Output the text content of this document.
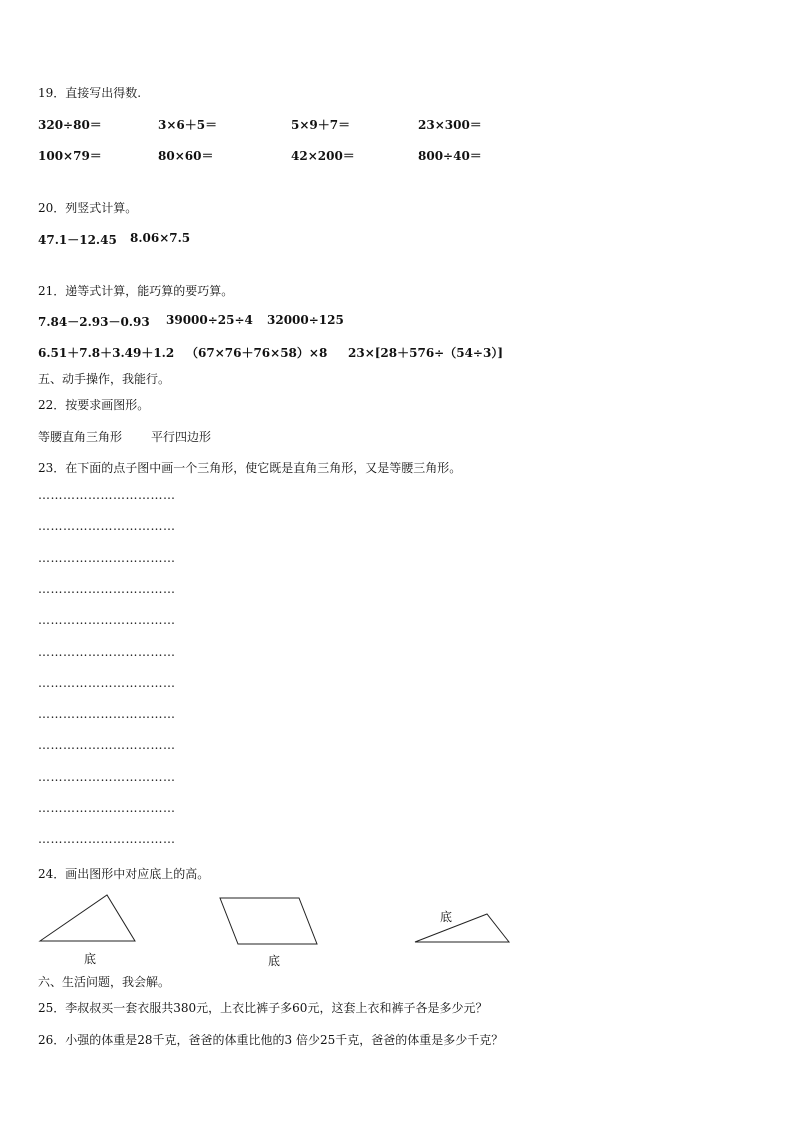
19．直接写出得数.
320÷80＝	3×6＋5＝	5×9＋7＝	23×300＝
100×79＝	80×60＝	42×200＝	800÷40＝
20．列竖式计算。
47.1－12.45 8.06×7.5
21．递等式计算，能巧算的要巧算。
7.84－2.93－0.93 39000÷25÷4 32000÷125
6.51＋7.8＋3.49＋1.2 （67×76＋76×58）×8 23×[28＋576÷（54÷3）]
五、动手操作，我能行。
22．按要求画图形。
等腰直角三角形 平行四边形
23．在下面的点子图中画一个三角形，使它既是直角三角形，又是等腰三角形。
……………………………
……………………………
……………………………
……………………………
……………………………
……………………………
……………………………
……………………………
……………………………
……………………………
……………………………
……………………………
24．画出图形中对应底上的高。
底	底
底
六、生活问题，我会解。
25．李叔叔买一套衣服共380元，上衣比裤子多60元，这套上衣和裤子各是多少元？
26．小强的体重是28千克，爸爸的体重比他的3 倍少25千克，爸爸的体重是多少千克？
